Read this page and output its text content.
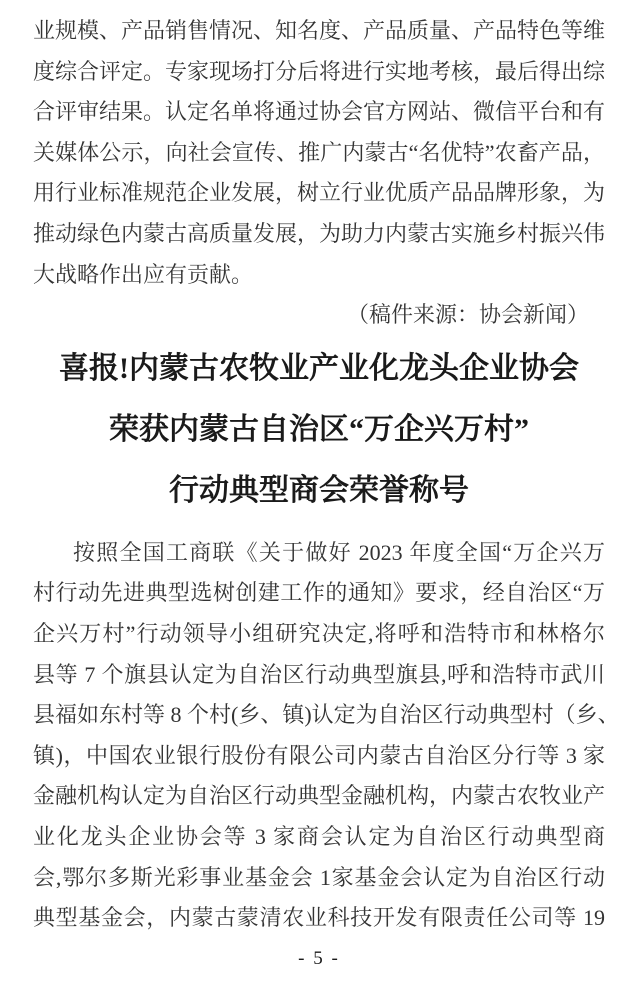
业规模、产品销售情况、知名度、产品质量、产品特色等维
度综合评定。专家现场打分后将进行实地考核，最后得出综
合评审结果。认定名单将通过协会官方网站、微信平台和有
关媒体公示，向社会宣传、推广内蒙古“名优特”农畜产品，
用行业标准规范企业发展，树立行业优质产品品牌形象，为
推动绿色内蒙古高质量发展，为助力内蒙古实施乡村振兴伟
大战略作出应有贡献。
（稿件来源：协会新闻）
喜报!内蒙古农牧业产业化龙头企业协会
荣获内蒙古自治区“万企兴万村”
行动典型商会荣誉称号
按照全国工商联《关于做好 2023 年度全国“万企兴万
村行动先进典型选树创建工作的通知》要求，经自治区“万
企兴万村”行动领导小组研究决定,将呼和浩特市和林格尔
县等 7 个旗县认定为自治区行动典型旗县,呼和浩特市武川
县福如东村等 8 个村(乡、镇)认定为自治区行动典型村（乡、
镇)，中国农业银行股份有限公司内蒙古自治区分行等 3 家
金融机构认定为自治区行动典型金融机构，内蒙古农牧业产
业化龙头企业协会等 3 家商会认定为自治区行动典型商
会,鄂尔多斯光彩事业基金会 1家基金会认定为自治区行动
典型基金会，内蒙古蒙清农业科技开发有限责任公司等 19
- 5 -
